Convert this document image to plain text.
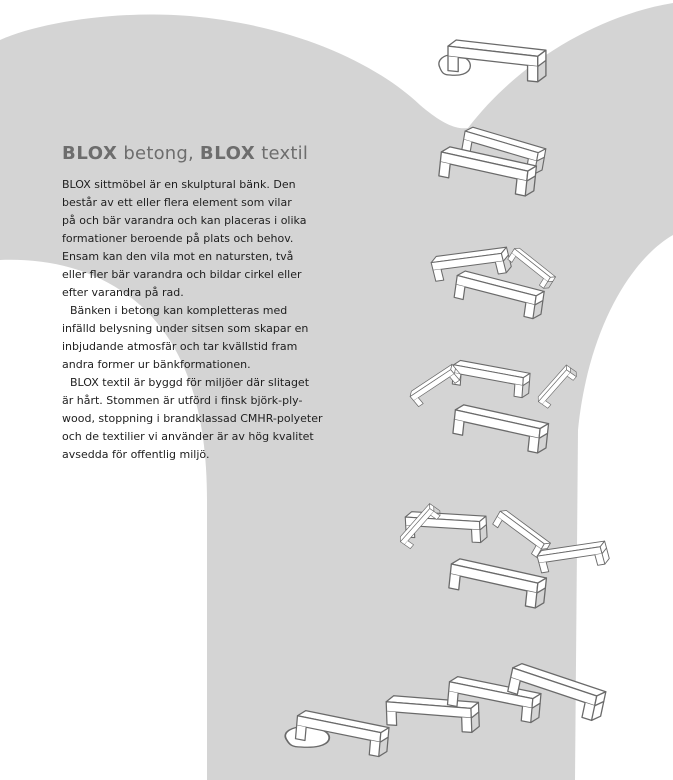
BLOX betong, BLOX textil

BLOX sittmöbel är en skulptural bänk. Den
består av ett eller flera element som vilar
på och bär varandra och kan placeras i olika
formationer beroende på plats och behov.
Ensam kan den vila mot en natursten, två
eller fler bär varandra och bildar cirkel eller
efter varandra på rad.

Bänken i betong kan kompletteras med
infälld belysning under sitsen som skapar en
inbjudande atmosfär och tar kvällstid fram
andra former ur bänkformationen.

BLOX textil är byggd för miljöer där slitaget
är hårt. Stommen är utförd i finsk björk-ply-
wood, stoppning i brandklassad CMHR-polyeter
och de textilier vi använder är av hög kvalitet
avsedda för offentlig miljö.
